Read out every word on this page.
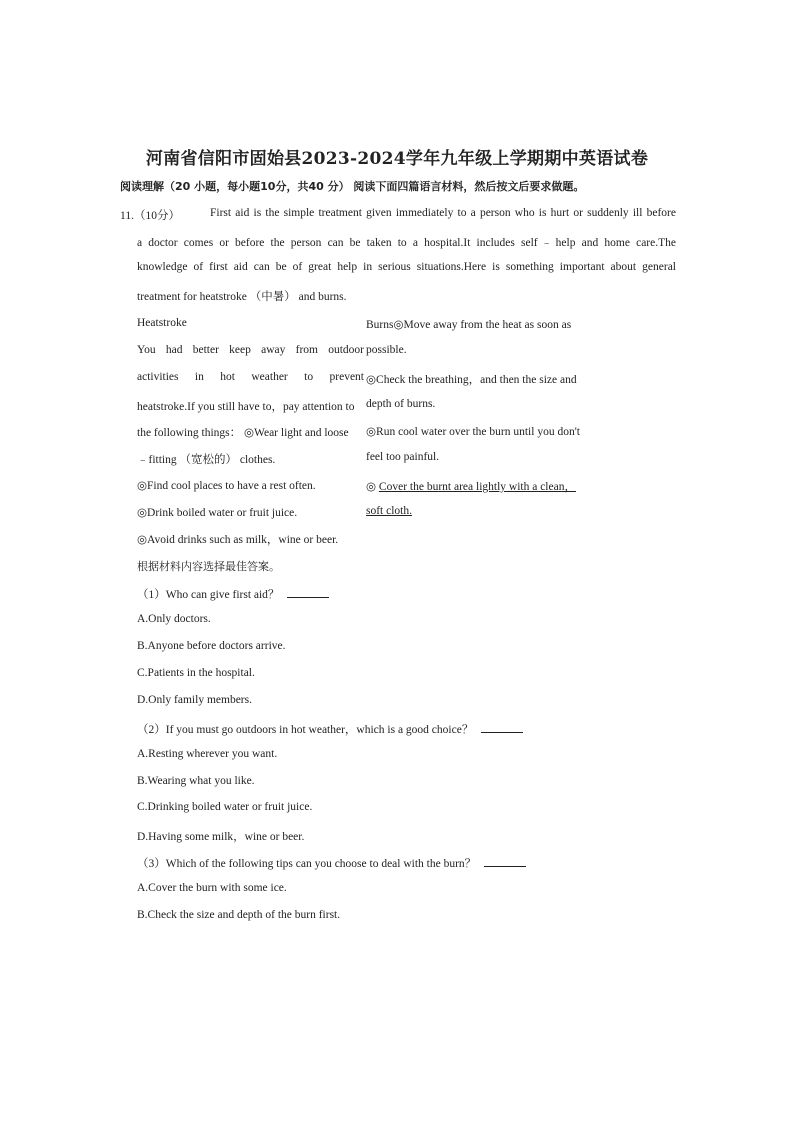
河南省信阳市固始县2023-2024学年九年级上学期期中英语试卷
阅读理解（20 小题，每小题10分，共40 分） 阅读下面四篇语言材料，然后按文后要求做题。
11.（10分）	First aid is the simple treatment given immediately to a person who is hurt or suddenly ill before
a doctor comes or before the person can be taken to a hospital.It includes self﹣help and home care.The
knowledge of first aid can be of great help in serious situations.Here is something important about general
treatment for heatstroke （中暑） and burns.
Heatstroke
You had better keep away from outdoor
activities in hot weather to prevent
heatstroke.If you still have to，pay attention to
the following things： ◎Wear light and loose
﹣fitting （宽松的） clothes.
◎Find cool places to have a rest often.
◎Drink boiled water or fruit juice.
◎Avoid drinks such as milk，wine or beer.
Burns◎Move away from the heat as soon as
possible.
◎Check the breathing，and then the size and
depth of burns.
◎Run cool water over the burn until you don't
feel too painful.
◎ Cover the burnt area lightly with a clean，
soft cloth.
根据材料内容选择最佳答案。
（1）Who can give first aid？
A.Only doctors.
B.Anyone before doctors arrive.
C.Patients in the hospital.
D.Only family members.
（2）If you must go outdoors in hot weather，which is a good choice？
A.Resting wherever you want.
B.Wearing what you like.
C.Drinking boiled water or fruit juice.
D.Having some milk，wine or beer.
（3）Which of the following tips can you choose to deal with the burn？
A.Cover the burn with some ice.
B.Check the size and depth of the burn first.
